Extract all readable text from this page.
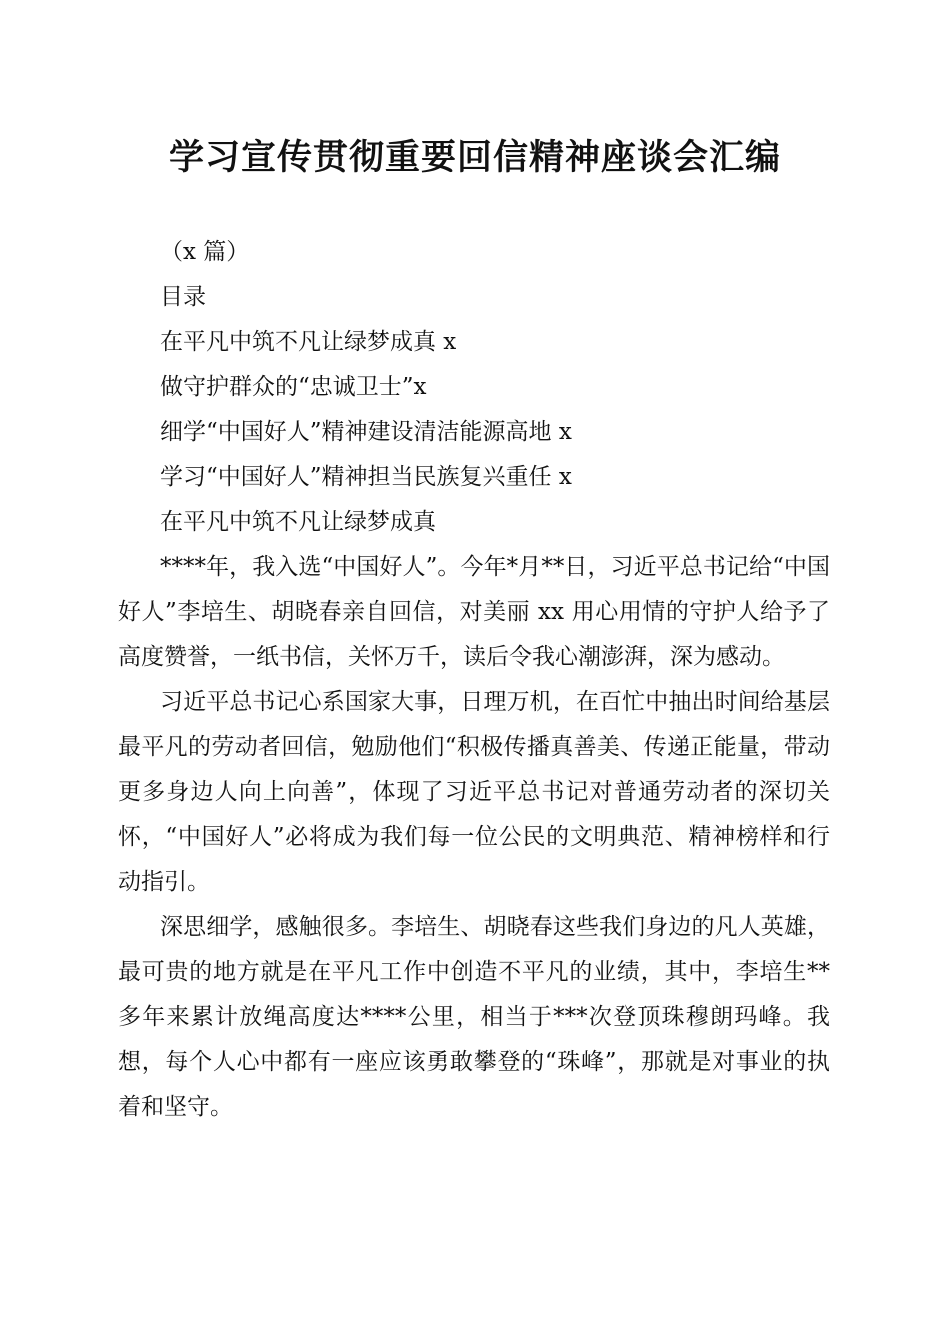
学习宣传贯彻重要回信精神座谈会汇编

（x 篇）

目录

在平凡中筑不凡让绿梦成真 x

做守护群众的“忠诚卫士”x

细学“中国好人”精神建设清洁能源高地 x

学习“中国好人”精神担当民族复兴重任 x

在平凡中筑不凡让绿梦成真

****年，我入选“中国好人”。今年*月**日，习近平总书记给“中国好人”李培生、胡晓春亲自回信，对美丽 xx 用心用情的守护人给予了高度赞誉，一纸书信，关怀万千，读后令我心潮澎湃，深为感动。

习近平总书记心系国家大事，日理万机，在百忙中抽出时间给基层最平凡的劳动者回信，勉励他们“积极传播真善美、传递正能量，带动更多身边人向上向善”，体现了习近平总书记对普通劳动者的深切关怀，“中国好人”必将成为我们每一位公民的文明典范、精神榜样和行动指引。

深思细学，感触很多。李培生、胡晓春这些我们身边的凡人英雄，最可贵的地方就是在平凡工作中创造不平凡的业绩，其中，李培生**多年来累计放绳高度达****公里，相当于***次登顶珠穆朗玛峰。我想，每个人心中都有一座应该勇敢攀登的“珠峰”，那就是对事业的执着和坚守。
